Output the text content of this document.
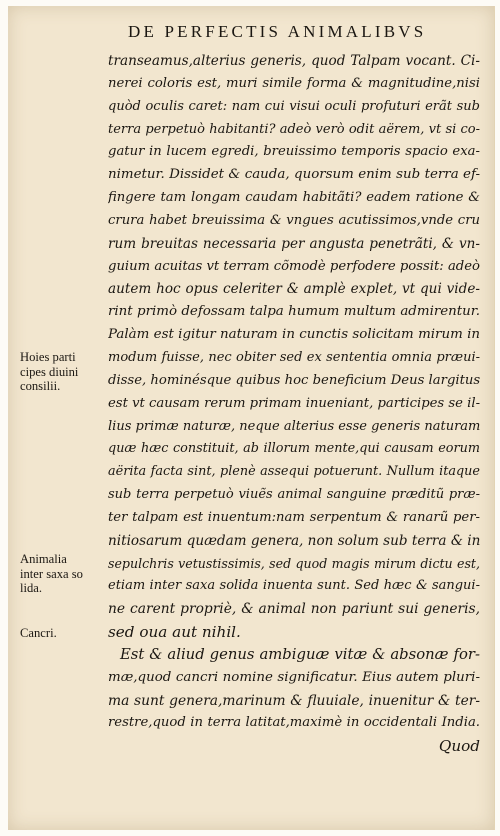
DE PERFECTIS ANIMALIBVS
Hoies parti
cipes diuini
consilii.
Animalia
inter saxa so
lida.
Cancri.
transeamus,alterius generis, quod Talpam vocant. Ci-
nerei coloris est, muri simile forma & magnitudine,nisi
quòd oculis caret: nam cui visui oculi profuturi erãt sub
terra perpetuò habitanti? adeò verò odit aërem, vt si co-
gatur in lucem egredi, breuissimo temporis spacio exa-
nimetur. Dissidet & cauda, quorsum enim sub terra ef-
fingere tam longam caudam habitãti? eadem ratione &
crura habet breuissima & vngues acutissimos,vnde cru
rum breuitas necessaria per angusta penetrãti, & vn-
guium acuitas vt terram cõmodè perfodere possit: adeò
autem hoc opus celeriter & amplè explet, vt qui vide-
rint primò defossam talpa humum multum admirentur.
Palàm est igitur naturam in cunctis solicitam mirum in
modum fuisse, nec obiter sed ex sententia omnia præui-
disse, hominésque quibus hoc beneficium Deus largitus
est vt causam rerum primam inueniant, participes se il-
lius primæ naturæ, neque alterius esse generis naturam
quæ hæc constituit, ab illorum mente,qui causam eorum
aërita facta sint, plenè assequi potuerunt. Nullum itaque
sub terra perpetuò viuẽs animal sanguine præditũ præ-
ter talpam est inuentum:nam serpentum & ranarũ per-
nitiosarum quædam genera, non solum sub terra & in
sepulchris vetustissimis, sed quod magis mirum dictu est,
etiam inter saxa solida inuenta sunt. Sed hæc & sangui-
ne carent propriè, & animal non pariunt sui generis,
sed oua aut nihil.
Est & aliud genus ambiguæ vitæ & absonæ for-
mæ,quod cancri nomine significatur. Eius autem pluri-
ma sunt genera,marinum & fluuiale, inuenitur & ter-
restre,quod in terra latitat,maximè in occidentali India.
Quod
